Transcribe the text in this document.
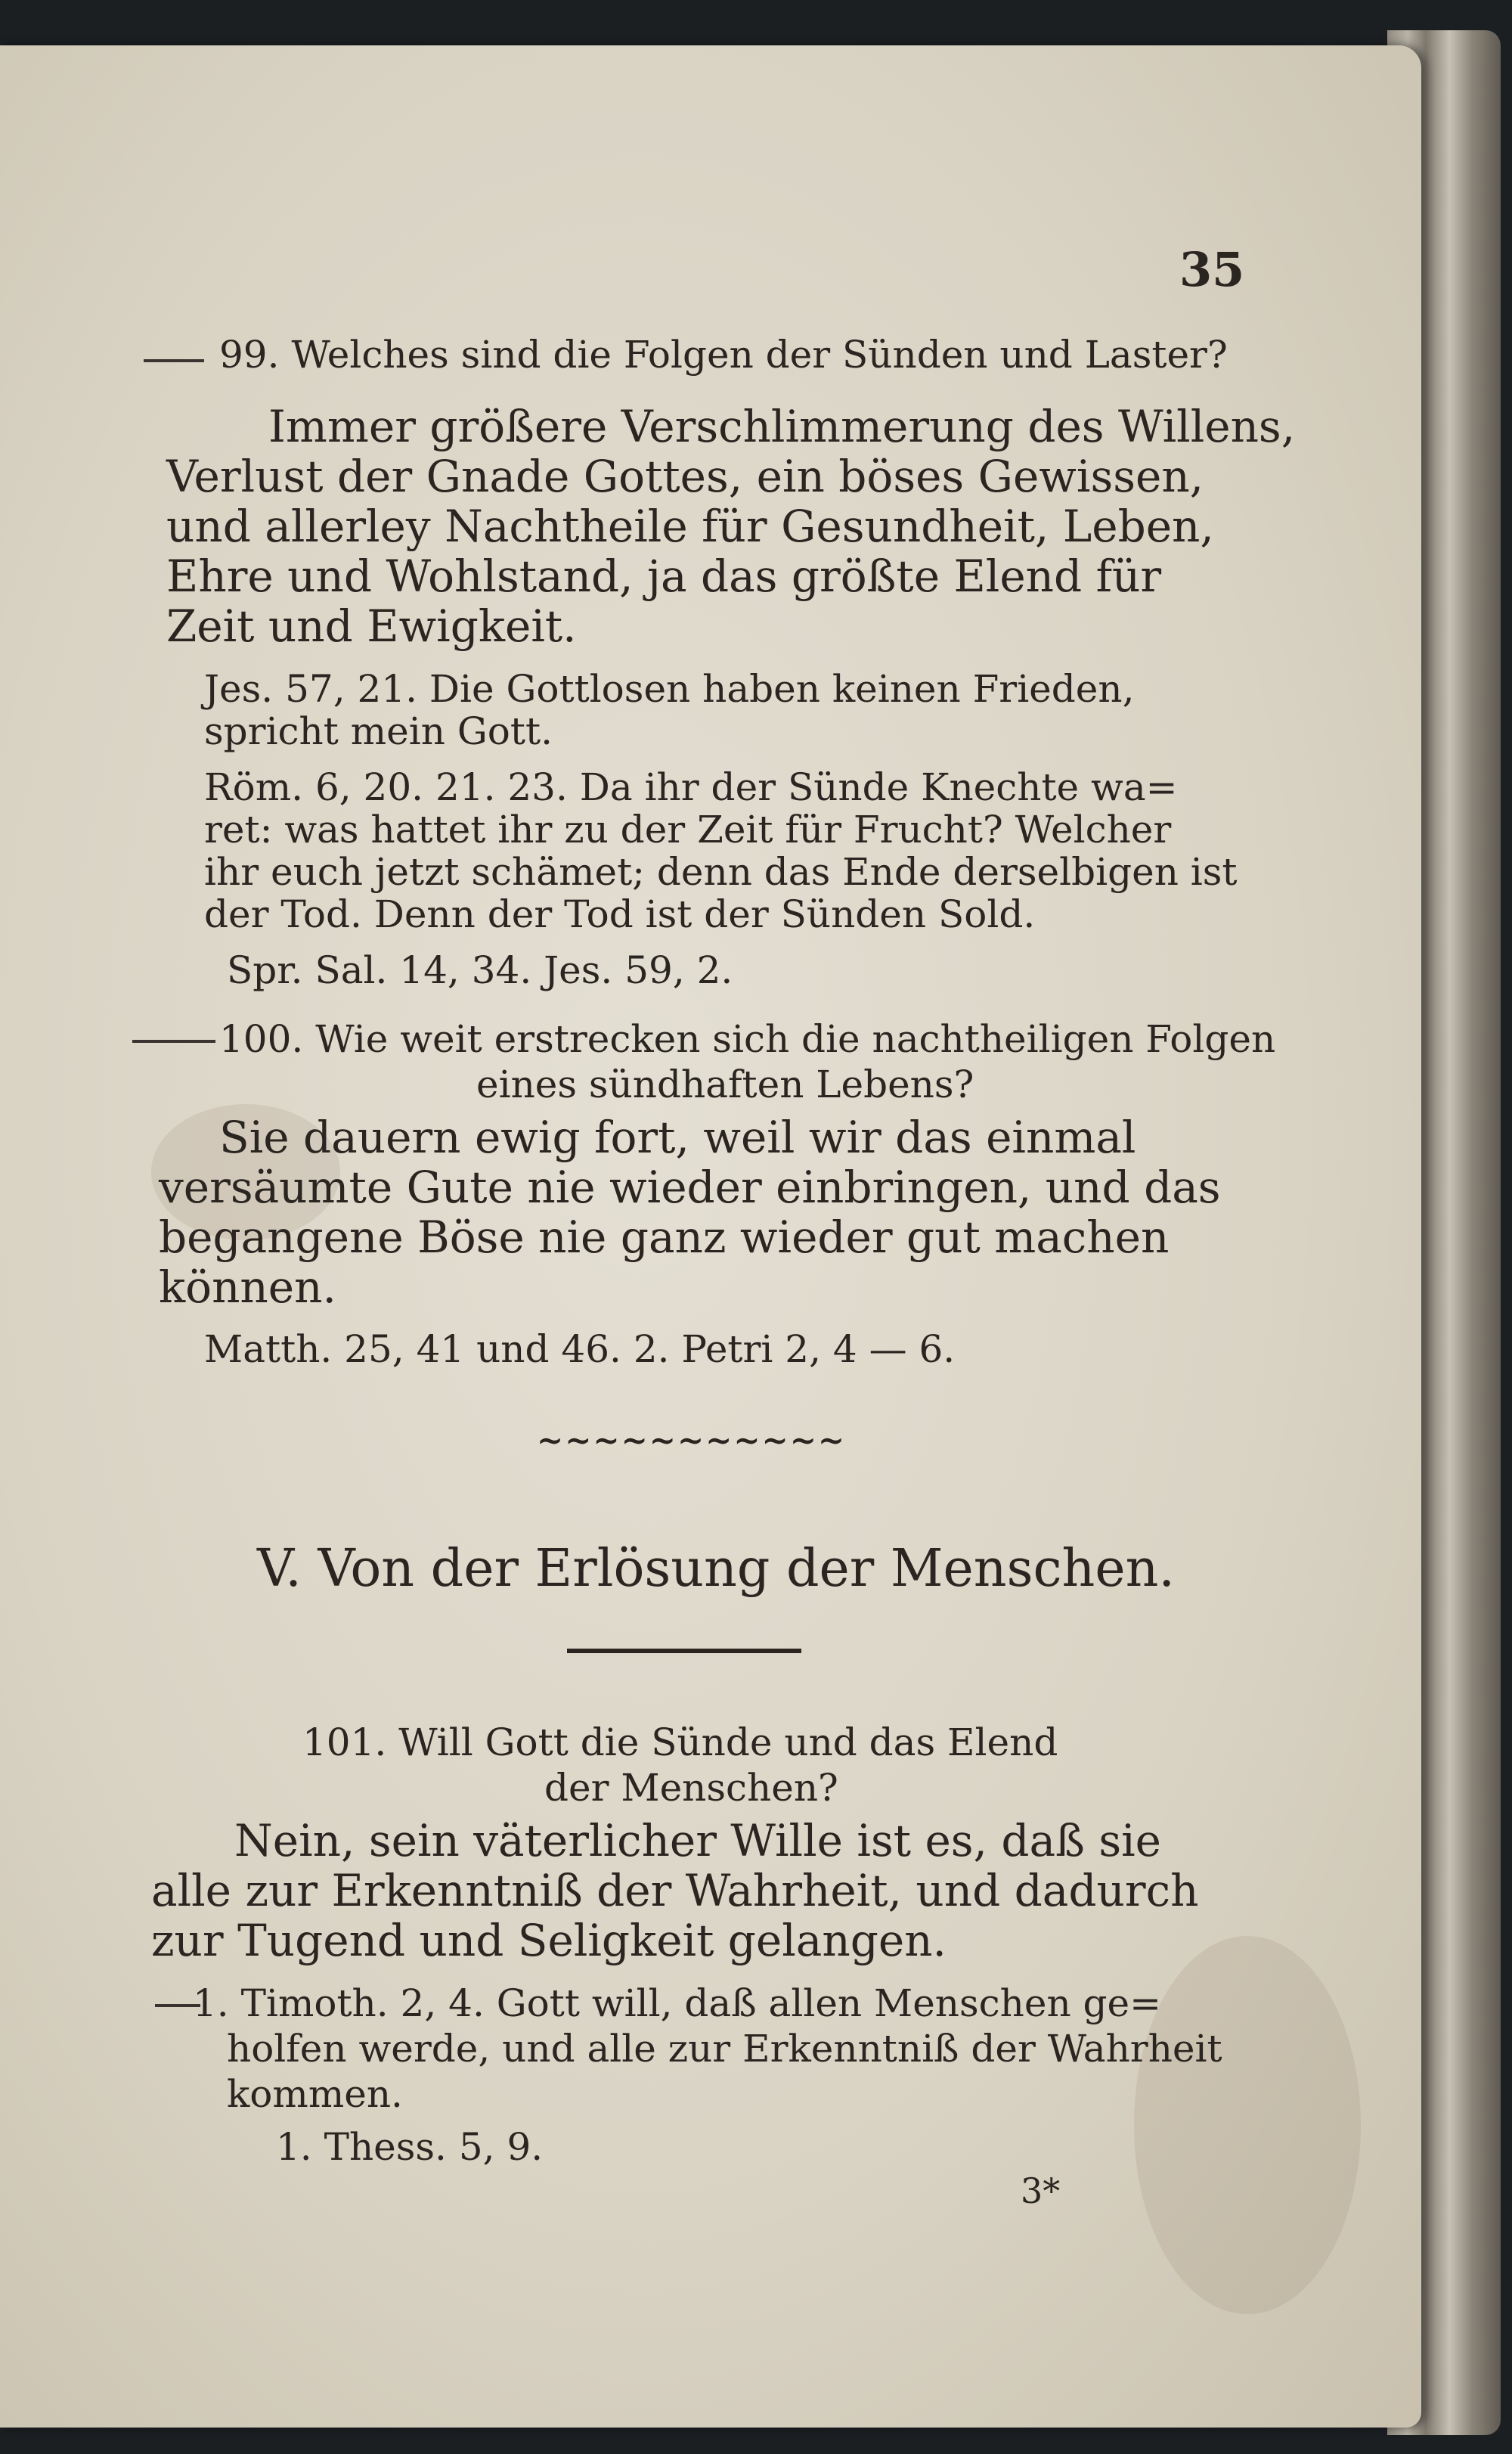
35
99. Welches sind die Folgen der Sünden und Laster?
Immer größere Verschlimmerung des Willens,
Verlust der Gnade Gottes, ein böses Gewissen,
und allerley Nachtheile für Gesundheit, Leben,
Ehre und Wohlstand, ja das größte Elend für
Zeit und Ewigkeit.
Jes. 57, 21. Die Gottlosen haben keinen Frieden,
spricht mein Gott.
Röm. 6, 20. 21. 23. Da ihr der Sünde Knechte wa=
ret: was hattet ihr zu der Zeit für Frucht? Welcher
ihr euch jetzt schämet; denn das Ende derselbigen ist
der Tod. Denn der Tod ist der Sünden Sold.
Spr. Sal. 14, 34. Jes. 59, 2.
100. Wie weit erstrecken sich die nachtheiligen Folgen
eines sündhaften Lebens?
Sie dauern ewig fort, weil wir das einmal
versäumte Gute nie wieder einbringen, und das
begangene Böse nie ganz wieder gut machen
können.
Matth. 25, 41 und 46. 2. Petri 2, 4 — 6.
~~~~~~~~~~~
V. Von der Erlösung der Menschen.
101. Will Gott die Sünde und das Elend
der Menschen?
Nein, sein väterlicher Wille ist es, daß sie
alle zur Erkenntniß der Wahrheit, und dadurch
zur Tugend und Seligkeit gelangen.
1. Timoth. 2, 4. Gott will, daß allen Menschen ge=
holfen werde, und alle zur Erkenntniß der Wahrheit
kommen.
1. Thess. 5, 9.
3*
